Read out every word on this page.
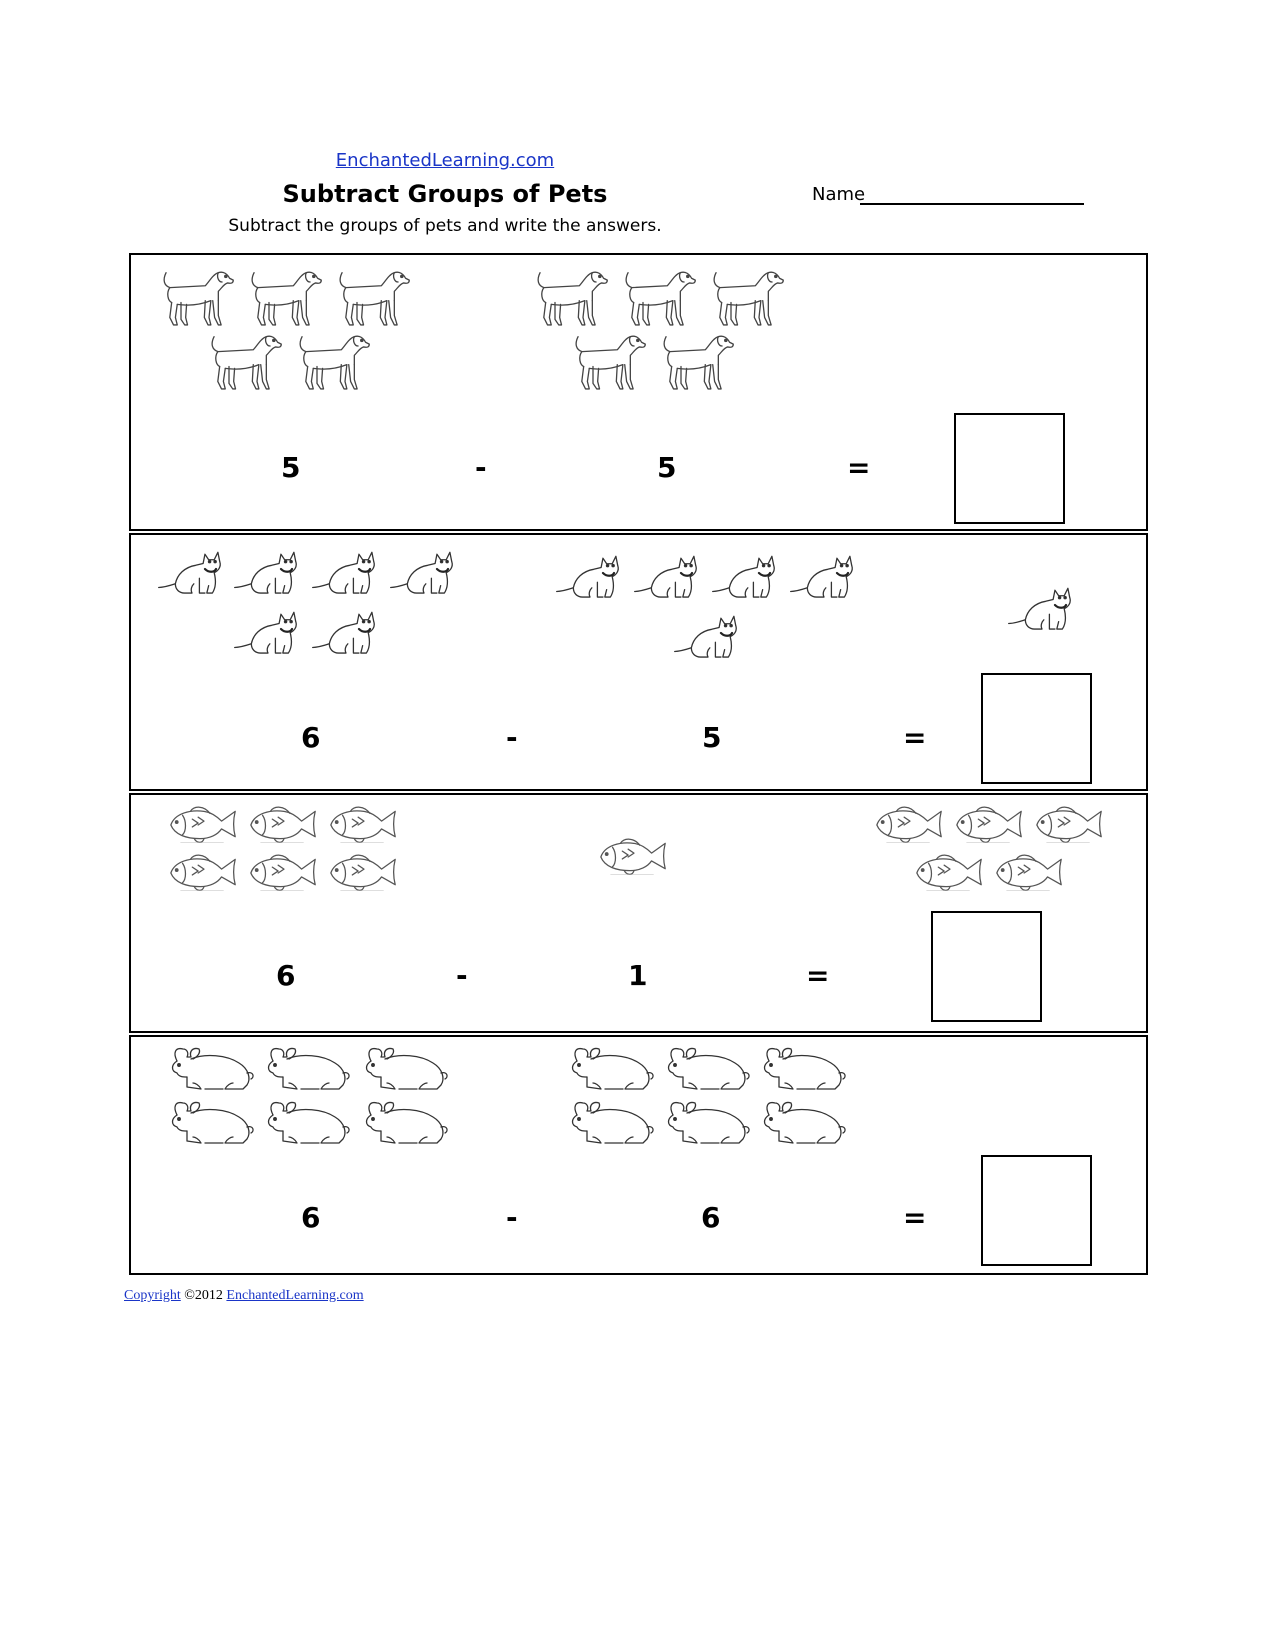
EnchantedLearning.com
Subtract Groups of Pets
Subtract the groups of pets and write the answers.
Name
5	-	5	=
6	-	5	=
6	-	1	=
6	-	6	=
Copyright ©2012 EnchantedLearning.com
